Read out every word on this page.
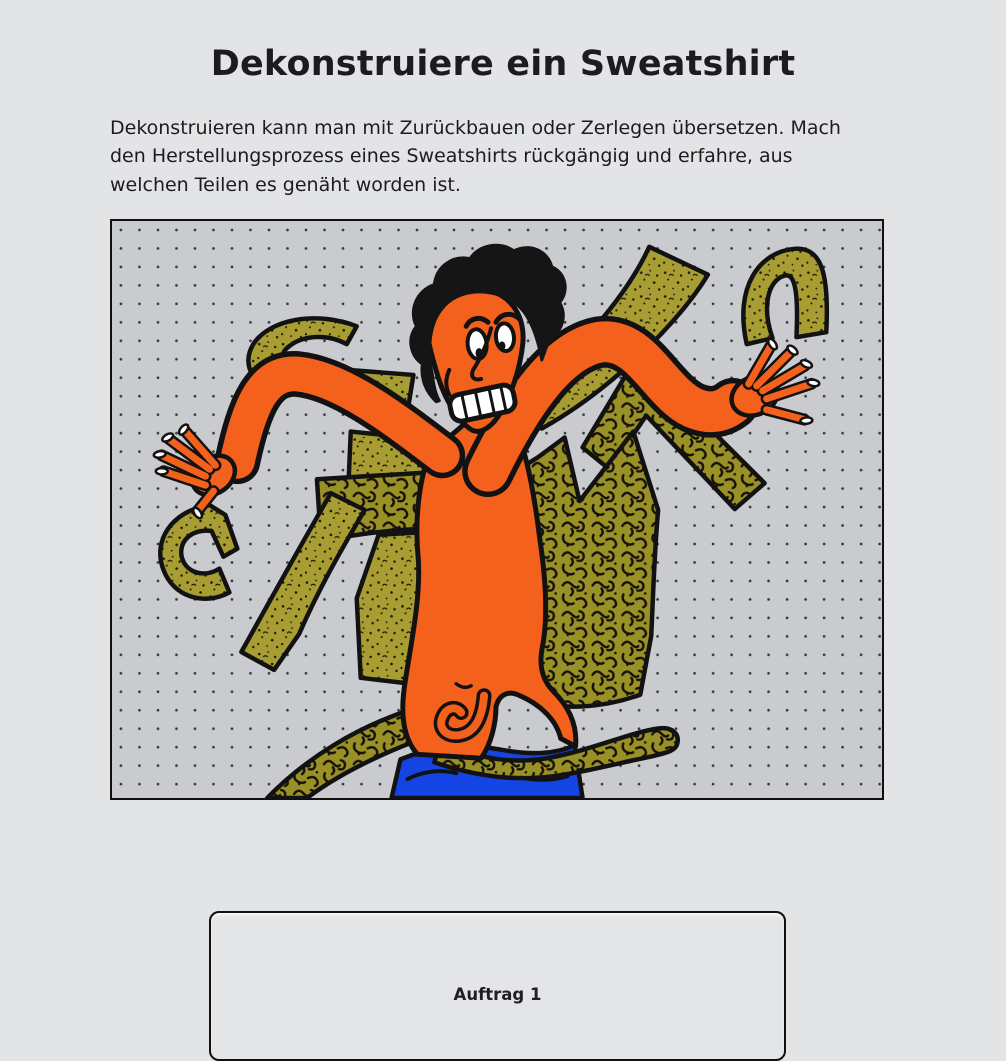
Dekonstruiere ein Sweatshirt
Dekonstruieren kann man mit Zurückbauen oder Zerlegen übersetzen. Mach
den Herstellungsprozess eines Sweatshirts rückgängig und erfahre, aus
welchen Teilen es genäht worden ist.
Auftrag 1
